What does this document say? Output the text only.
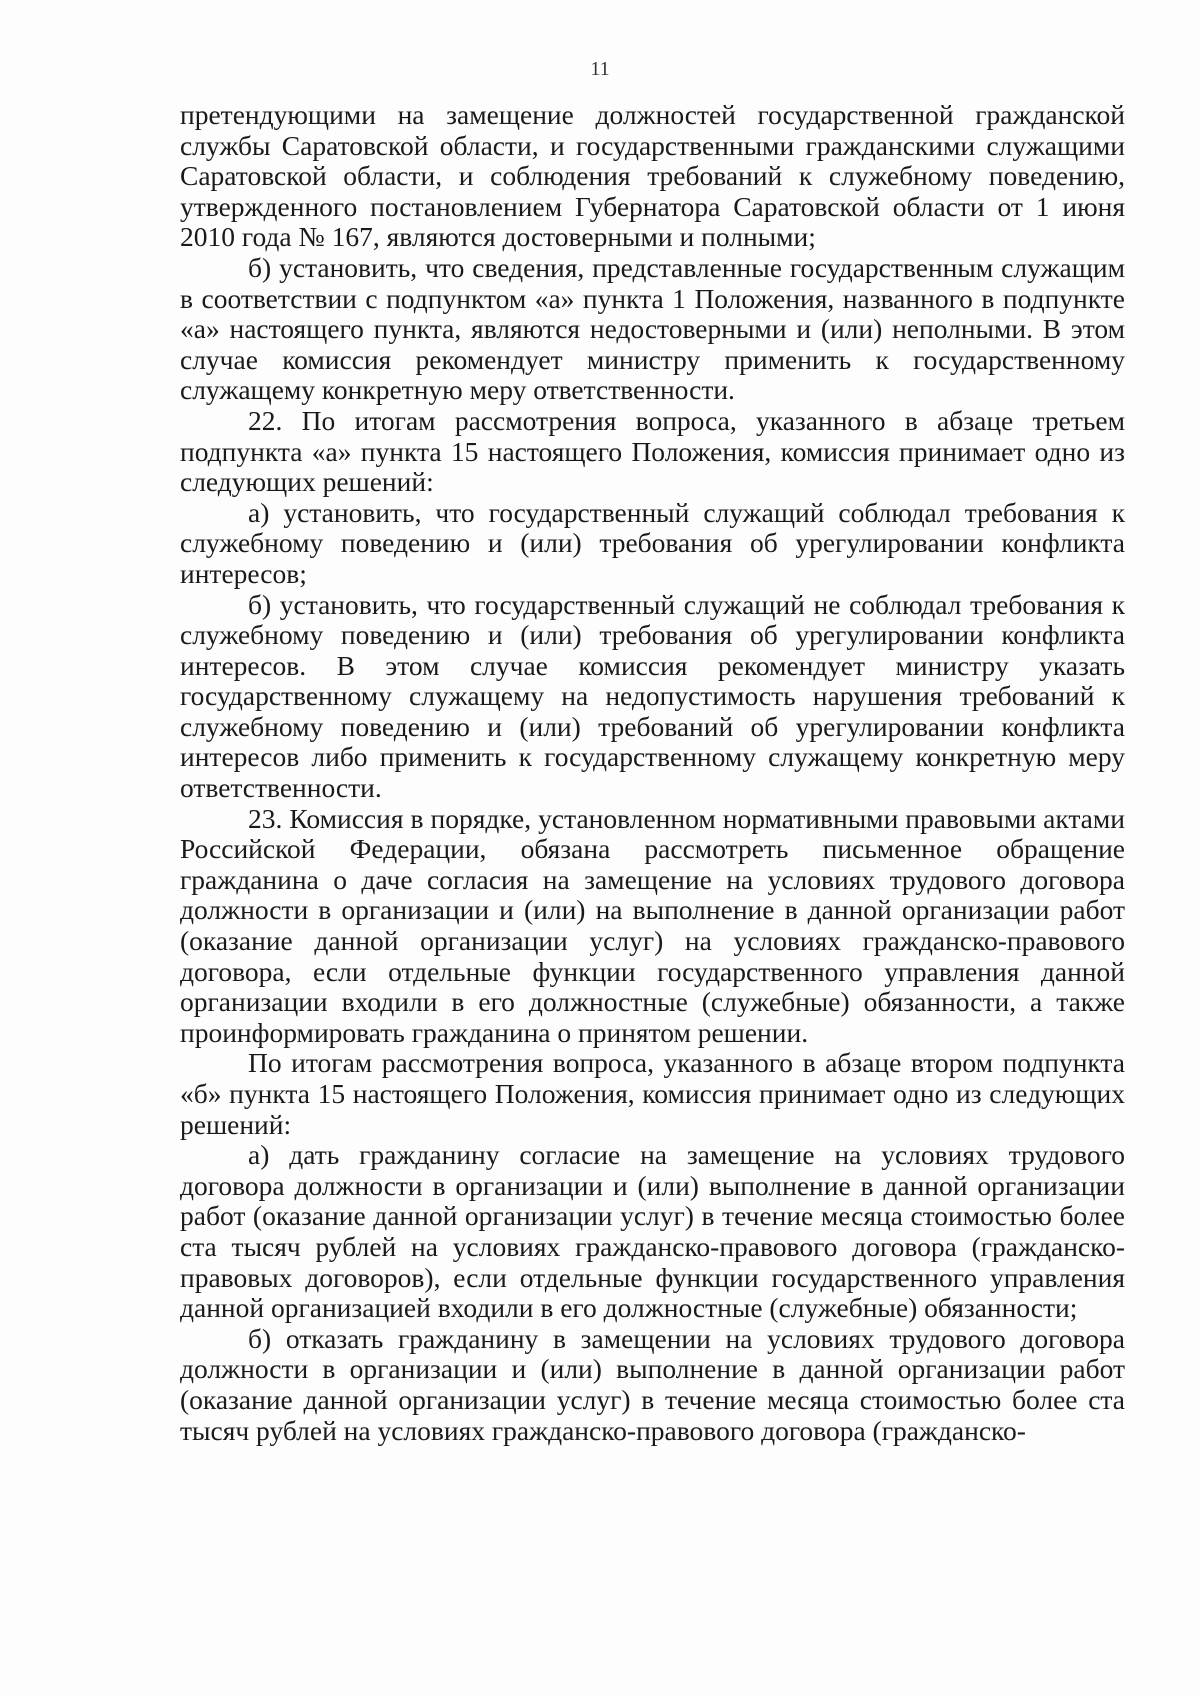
11

претендующими на замещение должностей государственной гражданской службы Саратовской области, и государственными гражданскими служащими Саратовской области, и соблюдения требований к служебному поведению, утвержденного постановлением Губернатора Саратовской области от 1 июня 2010 года № 167, являются достоверными и полными;

б) установить, что сведения, представленные государственным служащим в соответствии с подпунктом «а» пункта 1 Положения, названного в подпункте «а» настоящего пункта, являются недостоверными и (или) неполными. В этом случае комиссия рекомендует министру применить к государственному служащему конкретную меру ответственности.

22. По итогам рассмотрения вопроса, указанного в абзаце третьем подпункта «а» пункта 15 настоящего Положения, комиссия принимает одно из следующих решений:

а) установить, что государственный служащий соблюдал требования к служебному поведению и (или) требования об урегулировании конфликта интересов;

б) установить, что государственный служащий не соблюдал требования к служебному поведению и (или) требования об урегулировании конфликта интересов. В этом случае комиссия рекомендует министру указать государственному служащему на недопустимость нарушения требований к служебному поведению и (или) требований об урегулировании конфликта интересов либо применить к государственному служащему конкретную меру ответственности.

23. Комиссия в порядке, установленном нормативными правовыми актами Российской Федерации, обязана рассмотреть письменное обращение гражданина о даче согласия на замещение на условиях трудового договора должности в организации и (или) на выполнение в данной организации работ (оказание данной организации услуг) на условиях гражданско-правового договора, если отдельные функции государственного управления данной организации входили в его должностные (служебные) обязанности, а также проинформировать гражданина о принятом решении.

По итогам рассмотрения вопроса, указанного в абзаце втором подпункта «б» пункта 15 настоящего Положения, комиссия принимает одно из следующих решений:

а) дать гражданину согласие на замещение на условиях трудового договора должности в организации и (или) выполнение в данной организации работ (оказание данной организации услуг) в течение месяца стоимостью более ста тысяч рублей на условиях гражданско-правового договора (гражданско-правовых договоров), если отдельные функции государственного управления данной организацией входили в его должностные (служебные) обязанности;

б) отказать гражданину в замещении на условиях трудового договора должности в организации и (или) выполнение в данной организации работ (оказание данной организации услуг) в течение месяца стоимостью более ста тысяч рублей на условиях гражданско-правового договора (гражданско-
